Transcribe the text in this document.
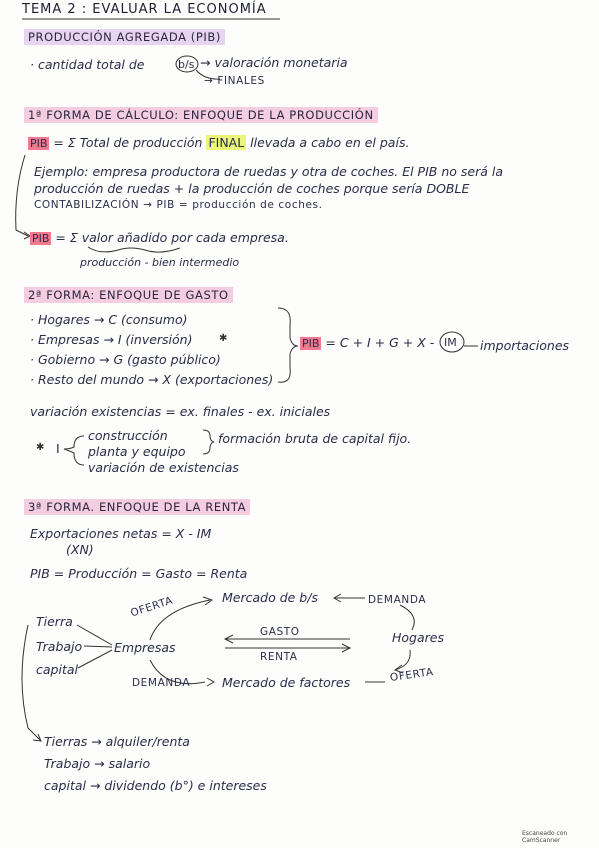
TEMA 2 : EVALUAR LA ECONOMÍA
PRODUCCIÓN AGREGADA (PIB)
· cantidad total de	b/s → valoración monetaria
→ FINALES
1ª FORMA DE CÁLCULO: ENFOQUE DE LA PRODUCCIÓN
PIB = Σ Total de producción FINAL llevada a cabo en el país.
Ejemplo: empresa productora de ruedas y otra de coches. El PIB no será la
producción de ruedas + la producción de coches porque sería DOBLE
CONTABILIZACIÓN → PIB = producción de coches.
PIB = Σ valor añadido por cada empresa.
producción - bien intermedio
2ª FORMA: ENFOQUE DE GASTO
· Hogares → C (consumo)
· Empresas → I (inversión)	✱
· Gobierno → G (gasto público)
· Resto del mundo → X (exportaciones)
PIB = C + I + G + X - IM importaciones
variación existencias = ex. finales - ex. iniciales
✱ I
construcción
planta y equipo
variación de existencias
formación bruta de capital fijo.
3ª FORMA. ENFOQUE DE LA RENTA
Exportaciones netas = X - IM
(XN)
PIB = Producción = Gasto = Renta
Tierra
Trabajo
capital
Empresas
Hogares
OFERTA	Mercado de b/s	DEMANDA
GASTO
RENTA
DEMANDA	Mercado de factores	OFERTA
Tierras → alquiler/renta
Trabajo → salario
capital → dividendo (b°) e intereses
Escaneado con CamScanner
